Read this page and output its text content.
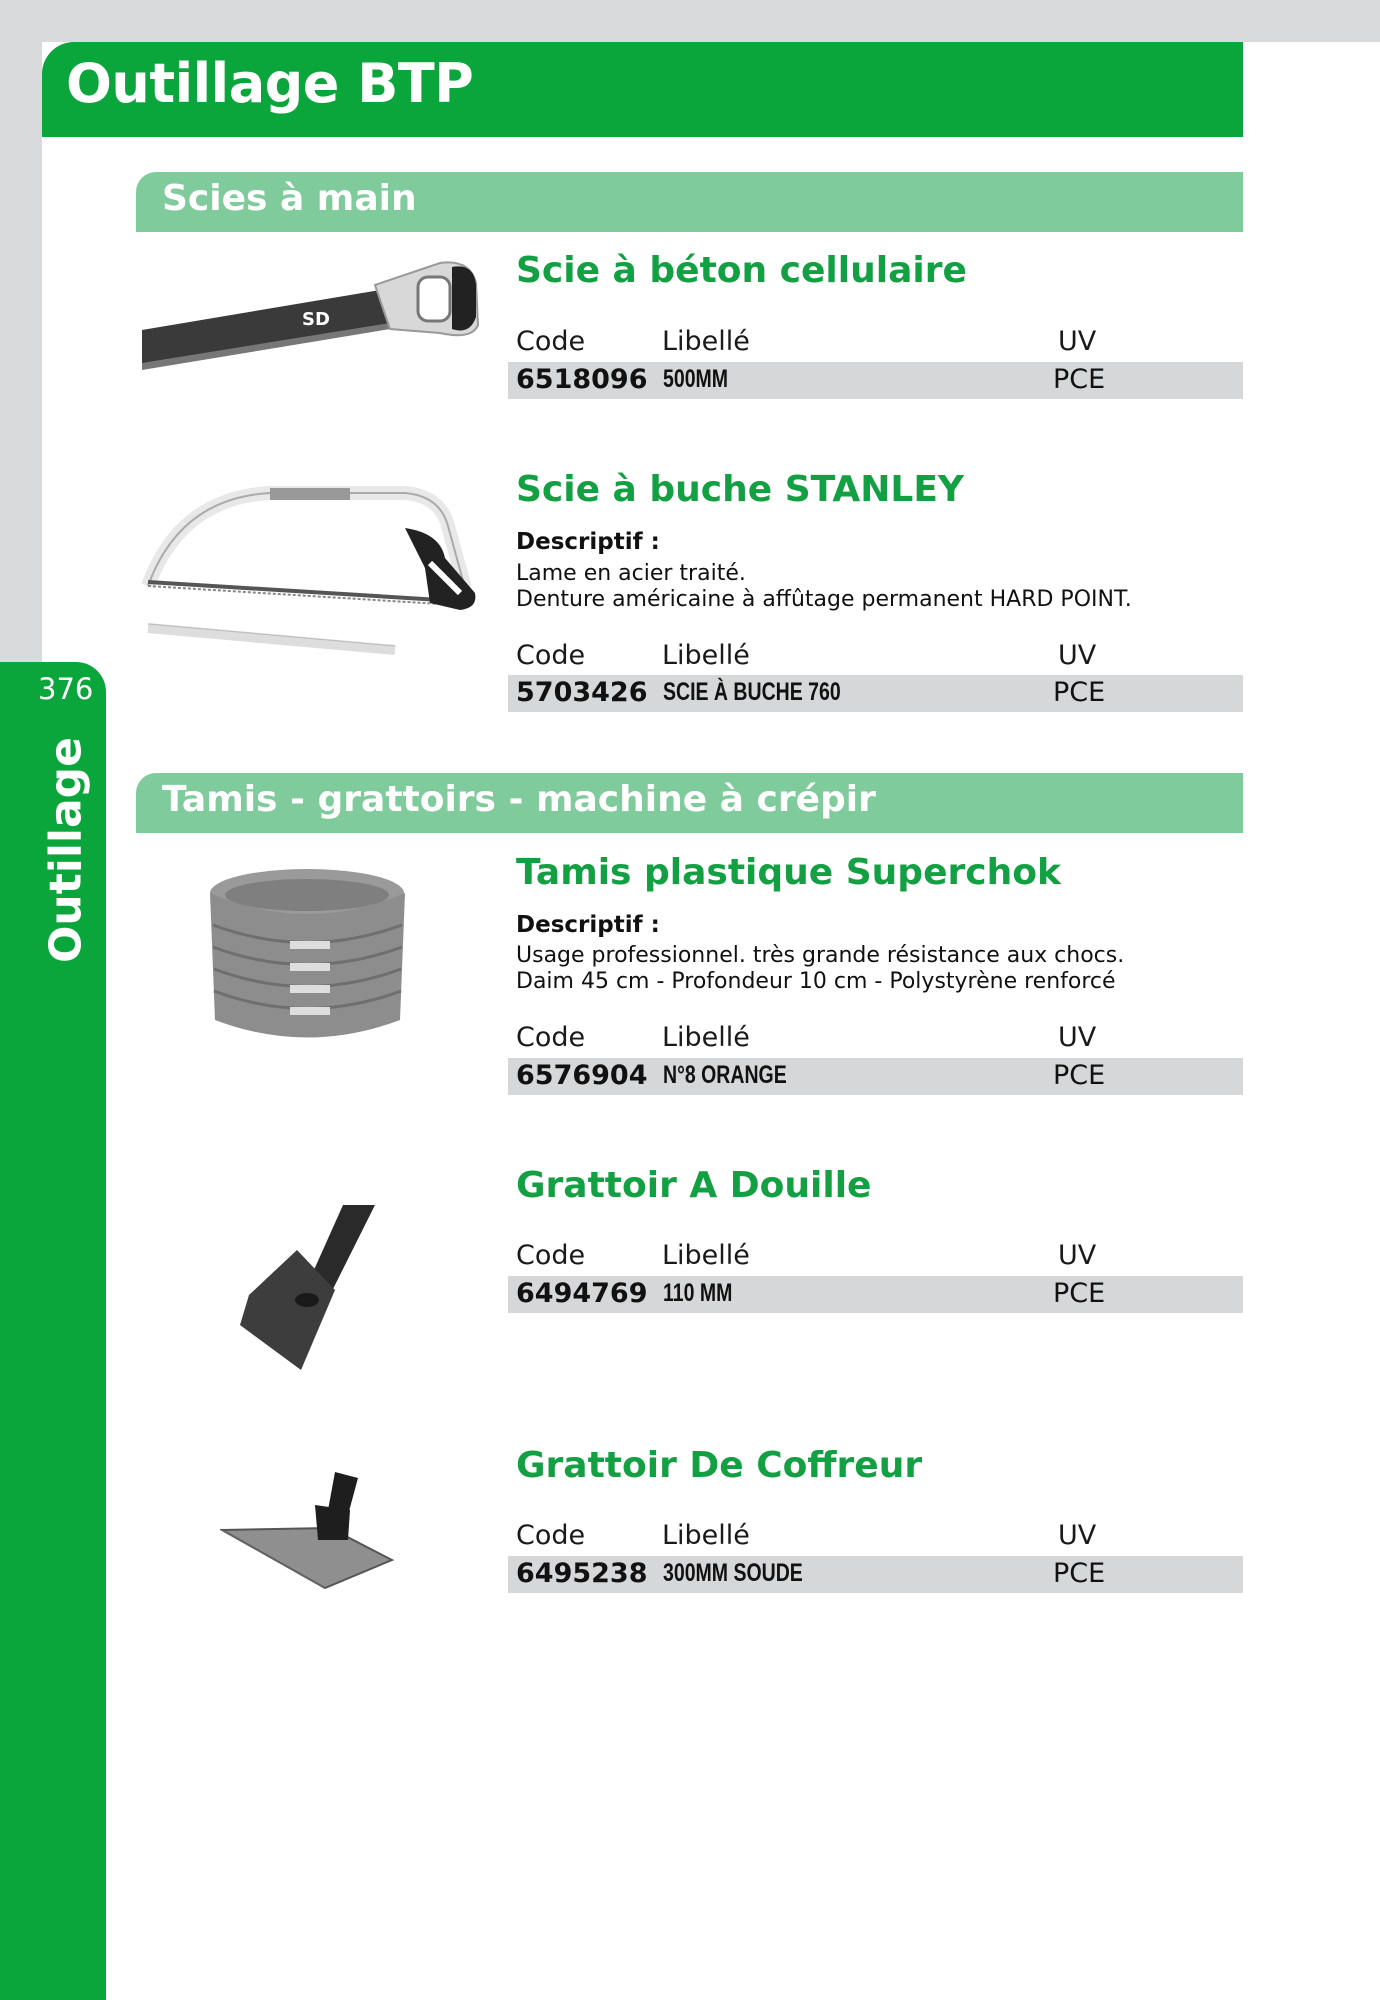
376
Outillage
Outillage BTP
Scies à main
SD
Scie à béton cellulaire
Code	Libellé	UV
6518096 500MM	PCE
Scie à buche STANLEY
Descriptif :
Lame en acier traité.
Denture américaine à affûtage permanent HARD POINT.
Code	Libellé	UV
5703426 SCIE À BUCHE 760	PCE
Tamis - grattoirs - machine à crépir
Tamis plastique Superchok
Descriptif :
Usage professionnel. très grande résistance aux chocs.
Daim 45 cm - Profondeur 10 cm - Polystyrène renforcé
Code	Libellé	UV
6576904 N°8 ORANGE	PCE
Grattoir A Douille
Code	Libellé	UV
6494769 110 MM	PCE
Grattoir De Coffreur
Code	Libellé	UV
6495238 300MM SOUDE	PCE
